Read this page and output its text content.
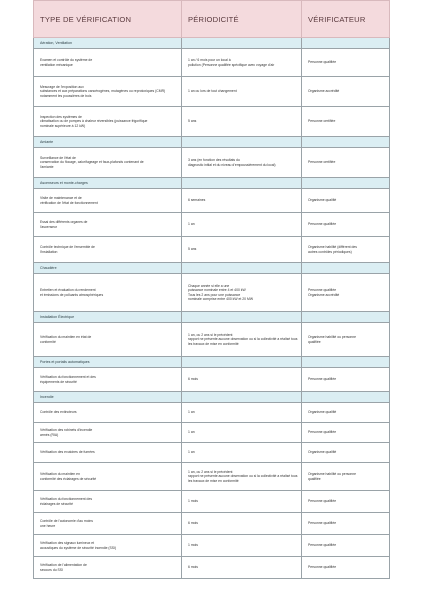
TYPE DE VÉRIFICATION	PÉRIODICITÉ	VÉRIFICATEUR
Aération, Ventilation		

Examen et contrôle du système de
ventilation mécanique	1 an / 6 mois pour un local à
pollution (Personne qualifiée spécifique avec voyage d'air	Personne qualifiée

Mesurage de l'exposition aux
substances et aux préparations cancérogènes, mutagènes ou reprotoxiques (CMR)
notamment les poussières de bois	1 an ou lors de tout changement	Organisme accrédité

Inspection des systèmes de
climatisation ou de pompes à chaleur réversibles (puissance frigorifique
nominale supérieure à 12 kW)	5 ans	Personne certifiée

Amiante		

Surveillance de l'état de
conservation du flocage, calorifugeage et faux-plafonds contenant de
l'amiante	3 ans (en fonction des résultats du
diagnostic initial et du niveau d'empoussièrement du local)	Personne certifiée

Ascenseurs et monte-charges		

Visite de maintenance et de
vérification de l'état de fonctionnement	6 semaines	Organisme qualifié

Essai des différents organes de
l'ascenseur	1 an	Personne qualifiée

Contrôle technique de l'ensemble de
l'installation	5 ans	Organisme habilité (différent des
autres contrôles périodiques)

Chaudière		

Entretien et évaluation du rendement
et émissions de polluants atmosphériques	Chaque année si elle a une
puissance nominale entre 4 et 400 kW
Tous les 2 ans pour une puissance
nominale comprise entre 400 kW et 20 MW	Personne qualifiée
Organisme accrédité

Installation Électrique		

Vérification du maintien en état de
conformité	1 an, ou 2 ans si le précédent
rapport ne présente aucune observation ou si la collectivité a réalisé tous
les travaux de mise en conformité	Organisme habilité ou personne
qualifiée

Portes et portails automatiques		

Vérification du fonctionnement et des
équipements de sécurité	6 mois	Personne qualifiée

Incendie		

Contrôle des extincteurs	1 an	Organisme qualifié

Vérification des robinets d'incendie
armés (RIA)	1 an	Personne qualifiée

Vérification des exutoires de fumées	1 an	Organisme qualifié

Vérification du maintien en
conformité des éclairages de sécurité	1 an, ou 2 ans si le précédent
rapport ne présente aucune observation ou si la collectivité a réalisé tous
les travaux de mise en conformité	Organisme habilité ou personne
qualifiée

Vérification du fonctionnement des
éclairages de sécurité	1 mois	Personne qualifiée

Contrôle de l'autonomie d'au moins
une heure	6 mois	Personne qualifiée

Vérification des signaux lumineux et
acoustiques du système de sécurité incendie (SSI)	1 mois	Personne qualifiée

Vérification de l'alimentation de
secours du SSI	6 mois	Personne qualifiée
